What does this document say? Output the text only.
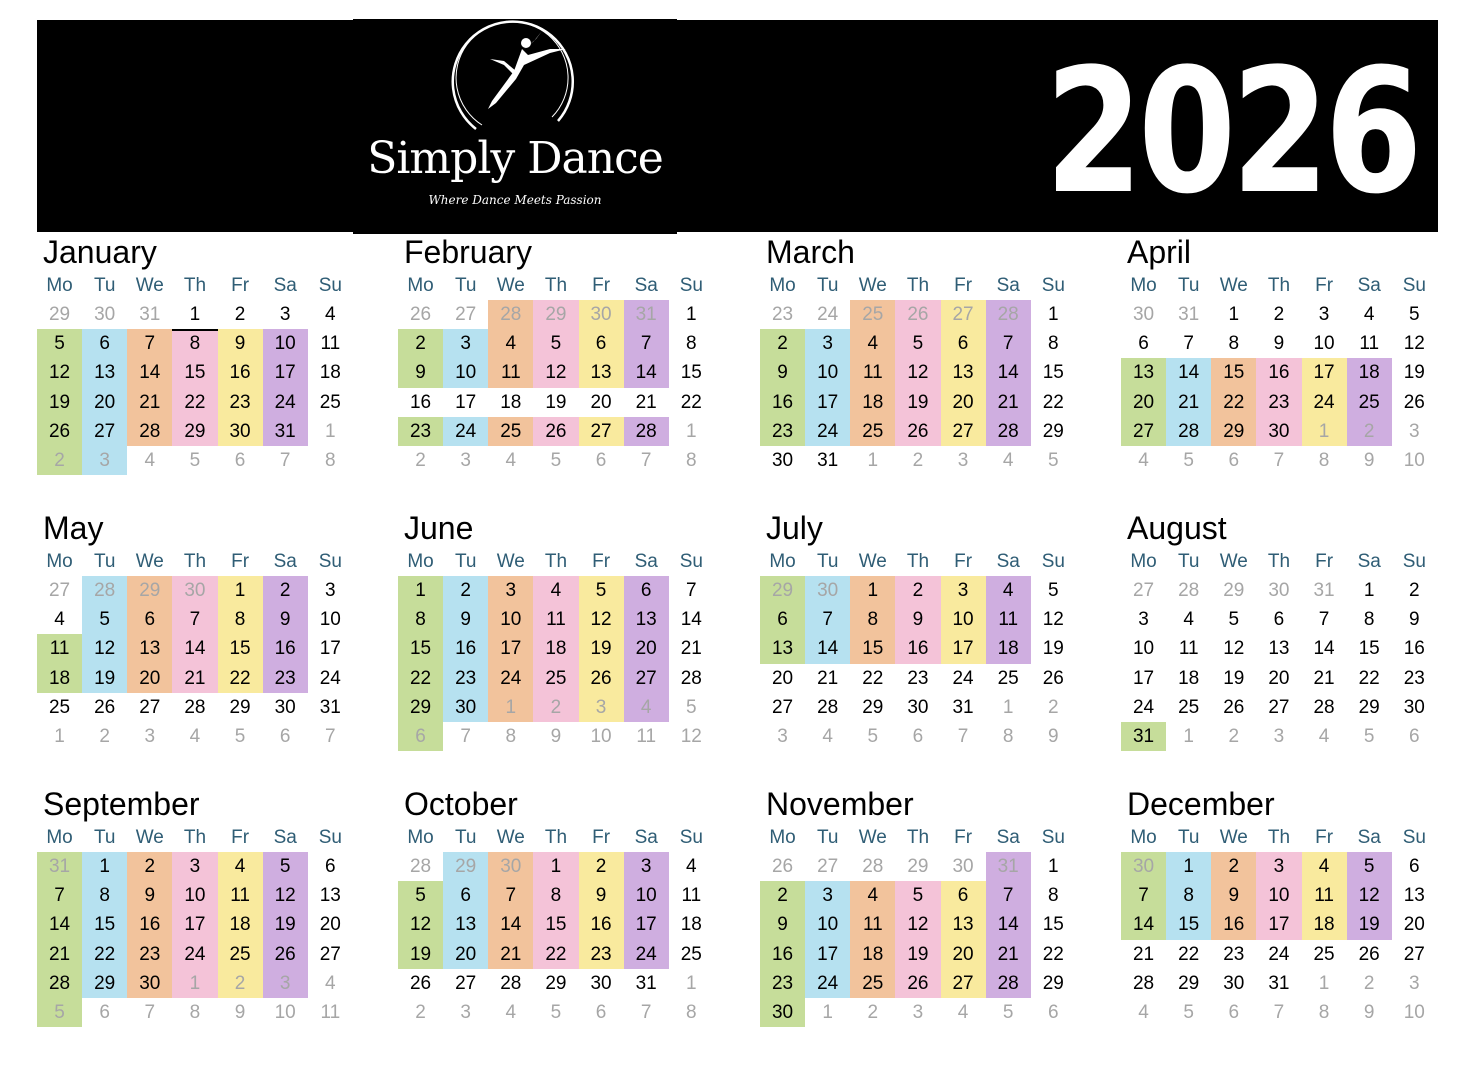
2026
Simply Dance
Where Dance Meets Passion
January
Mo	Tu	We	Th	Fr	Sa	Su
29	30	31	1	2	3	4
5	6	7	8	9	10	11
12	13	14	15	16	17	18
19	20	21	22	23	24	25
26	27	28	29	30	31	1
2	3	4	5	6	7	8
February
Mo	Tu	We	Th	Fr	Sa	Su
26	27	28	29	30	31	1
2	3	4	5	6	7	8
9	10	11	12	13	14	15
16	17	18	19	20	21	22
23	24	25	26	27	28	1
2	3	4	5	6	7	8
March
Mo	Tu	We	Th	Fr	Sa	Su
23	24	25	26	27	28	1
2	3	4	5	6	7	8
9	10	11	12	13	14	15
16	17	18	19	20	21	22
23	24	25	26	27	28	29
30	31	1	2	3	4	5
April
Mo	Tu	We	Th	Fr	Sa	Su
30	31	1	2	3	4	5
6	7	8	9	10	11	12
13	14	15	16	17	18	19
20	21	22	23	24	25	26
27	28	29	30	1	2	3
4	5	6	7	8	9	10
May
Mo	Tu	We	Th	Fr	Sa	Su
27	28	29	30	1	2	3
4	5	6	7	8	9	10
11	12	13	14	15	16	17
18	19	20	21	22	23	24
25	26	27	28	29	30	31
1	2	3	4	5	6	7
June
Mo	Tu	We	Th	Fr	Sa	Su
1	2	3	4	5	6	7
8	9	10	11	12	13	14
15	16	17	18	19	20	21
22	23	24	25	26	27	28
29	30	1	2	3	4	5
6	7	8	9	10	11	12
July
Mo	Tu	We	Th	Fr	Sa	Su
29	30	1	2	3	4	5
6	7	8	9	10	11	12
13	14	15	16	17	18	19
20	21	22	23	24	25	26
27	28	29	30	31	1	2
3	4	5	6	7	8	9
August
Mo	Tu	We	Th	Fr	Sa	Su
27	28	29	30	31	1	2
3	4	5	6	7	8	9
10	11	12	13	14	15	16
17	18	19	20	21	22	23
24	25	26	27	28	29	30
31	1	2	3	4	5	6
September
Mo	Tu	We	Th	Fr	Sa	Su
31	1	2	3	4	5	6
7	8	9	10	11	12	13
14	15	16	17	18	19	20
21	22	23	24	25	26	27
28	29	30	1	2	3	4
5	6	7	8	9	10	11
October
Mo	Tu	We	Th	Fr	Sa	Su
28	29	30	1	2	3	4
5	6	7	8	9	10	11
12	13	14	15	16	17	18
19	20	21	22	23	24	25
26	27	28	29	30	31	1
2	3	4	5	6	7	8
November
Mo	Tu	We	Th	Fr	Sa	Su
26	27	28	29	30	31	1
2	3	4	5	6	7	8
9	10	11	12	13	14	15
16	17	18	19	20	21	22
23	24	25	26	27	28	29
30	1	2	3	4	5	6
December
Mo	Tu	We	Th	Fr	Sa	Su
30	1	2	3	4	5	6
7	8	9	10	11	12	13
14	15	16	17	18	19	20
21	22	23	24	25	26	27
28	29	30	31	1	2	3
4	5	6	7	8	9	10
